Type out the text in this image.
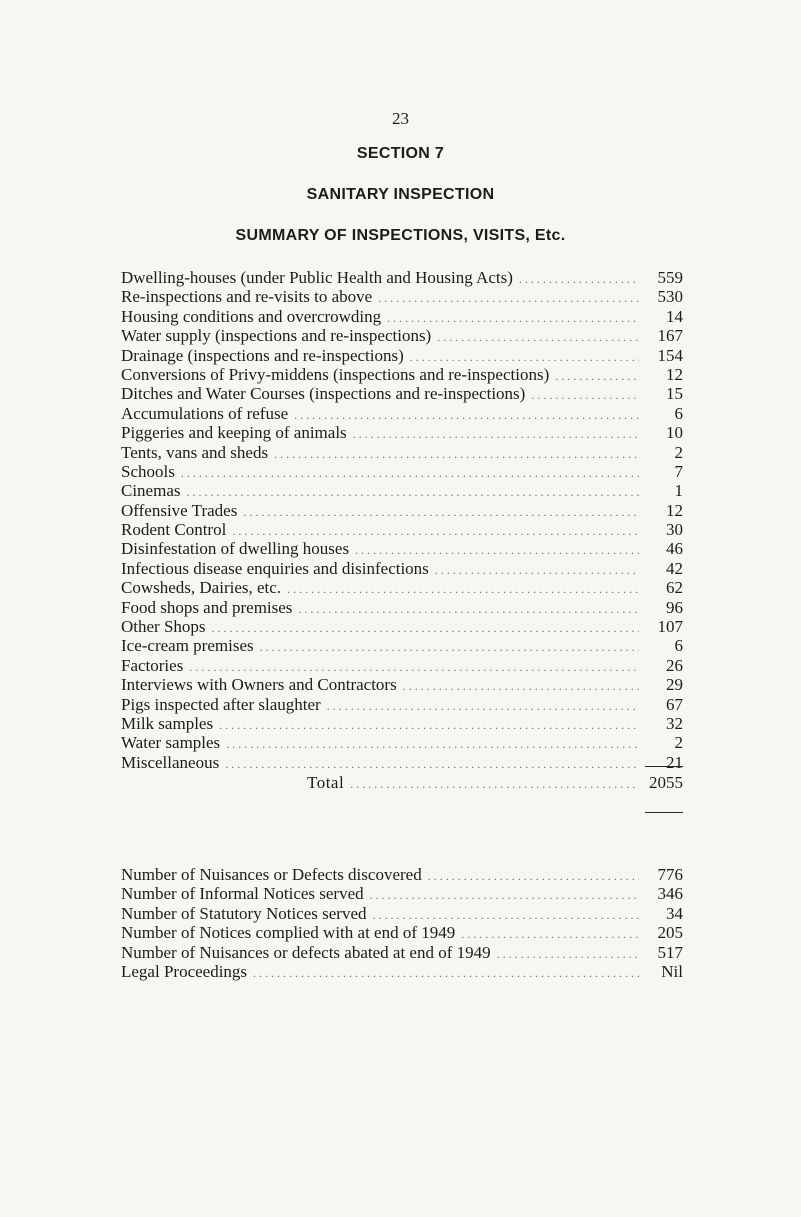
23
SECTION 7
SANITARY INSPECTION
SUMMARY OF INSPECTIONS, VISITS, Etc.
Dwelling-houses (under Public Health and Housing Acts) .....	559
Re-inspections and re-visits to above .....	530
Housing conditions and overcrowding .....	14
Water supply (inspections and re-inspections) .....	167
Drainage (inspections and re-inspections) .....	154
Conversions of Privy-middens (inspections and re-inspections) .....	12
Ditches and Water Courses (inspections and re-inspections) .....	15
Accumulations of refuse .....	6
Piggeries and keeping of animals .....	10
Tents, vans and sheds .....	2
Schools .....	7
Cinemas .....	1
Offensive Trades .....	12
Rodent Control .....	30
Disinfestation of dwelling houses .....	46
Infectious disease enquiries and disinfections .....	42
Cowsheds, Dairies, etc. .....	62
Food shops and premises .....	96
Other Shops .....	107
Ice-cream premises .....	6
Factories .....	26
Interviews with Owners and Contractors .....	29
Pigs inspected after slaughter .....	67
Milk samples .....	32
Water samples .....	2
Miscellaneous .....	21
Total .....	2055
Number of Nuisances or Defects discovered .....	776
Number of Informal Notices served .....	346
Number of Statutory Notices served .....	34
Number of Notices complied with at end of 1949 .....	205
Number of Nuisances or defects abated at end of 1949 .....	517
Legal Proceedings .....	Nil
